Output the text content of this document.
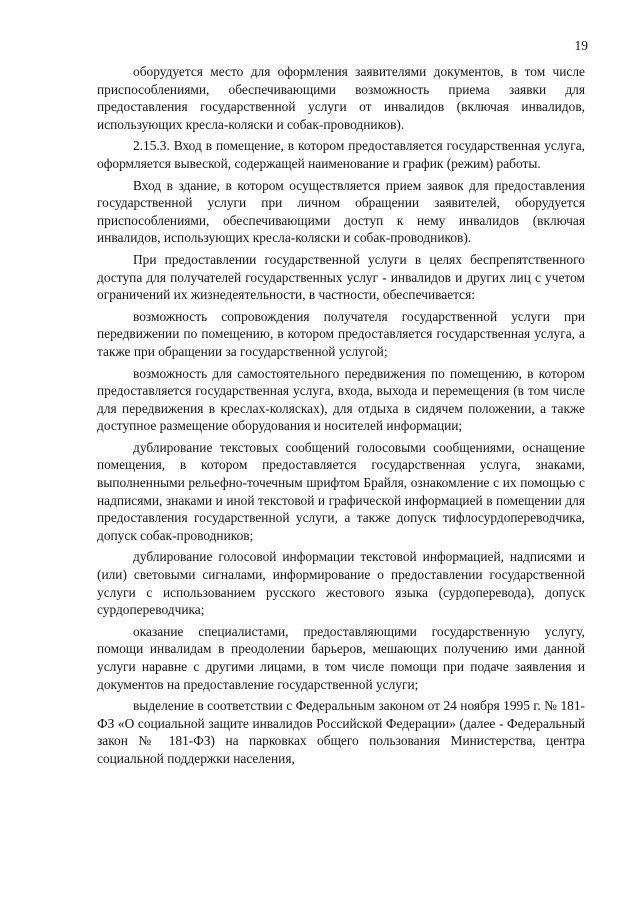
19

оборудуется место для оформления заявителями документов, в том числе приспособлениями, обеспечивающими возможность приема заявки для предоставления государственной услуги от инвалидов (включая инвалидов, использующих кресла-коляски и собак-проводников).

2.15.3. Вход в помещение, в котором предоставляется государственная услуга, оформляется вывеской, содержащей наименование и график (режим) работы.

Вход в здание, в котором осуществляется прием заявок для предоставления государственной услуги при личном обращении заявителей, оборудуется приспособлениями, обеспечивающими доступ к нему инвалидов (включая инвалидов, использующих кресла-коляски и собак-проводников).

При предоставлении государственной услуги в целях беспрепятственного доступа для получателей государственных услуг - инвалидов и других лиц с учетом ограничений их жизнедеятельности, в частности, обеспечивается:

возможность сопровождения получателя государственной услуги при передвижении по помещению, в котором предоставляется государственная услуга, а также при обращении за государственной услугой;

возможность для самостоятельного передвижения по помещению, в котором предоставляется государственная услуга, входа, выхода и перемещения (в том числе для передвижения в креслах-колясках), для отдыха в сидячем положении, а также доступное размещение оборудования и носителей информации;

дублирование текстовых сообщений голосовыми сообщениями, оснащение помещения, в котором предоставляется государственная услуга, знаками, выполненными рельефно-точечным шрифтом Брайля, ознакомление с их помощью с надписями, знаками и иной текстовой и графической информацией в помещении для предоставления государственной услуги, а также допуск тифлосурдопереводчика, допуск собак-проводников;

дублирование голосовой информации текстовой информацией, надписями и (или) световыми сигналами, информирование о предоставлении государственной услуги с использованием русского жестового языка (сурдоперевода), допуск сурдопереводчика;

оказание специалистами, предоставляющими государственную услугу, помощи инвалидам в преодолении барьеров, мешающих получению ими данной услуги наравне с другими лицами, в том числе помощи при подаче заявления и документов на предоставление государственной услуги;

выделение в соответствии с Федеральным законом от 24 ноября 1995 г. № 181-ФЗ «О социальной защите инвалидов Российской Федерации» (далее - Федеральный закон № 181-ФЗ) на парковках общего пользования Министерства, центра социальной поддержки населения,
